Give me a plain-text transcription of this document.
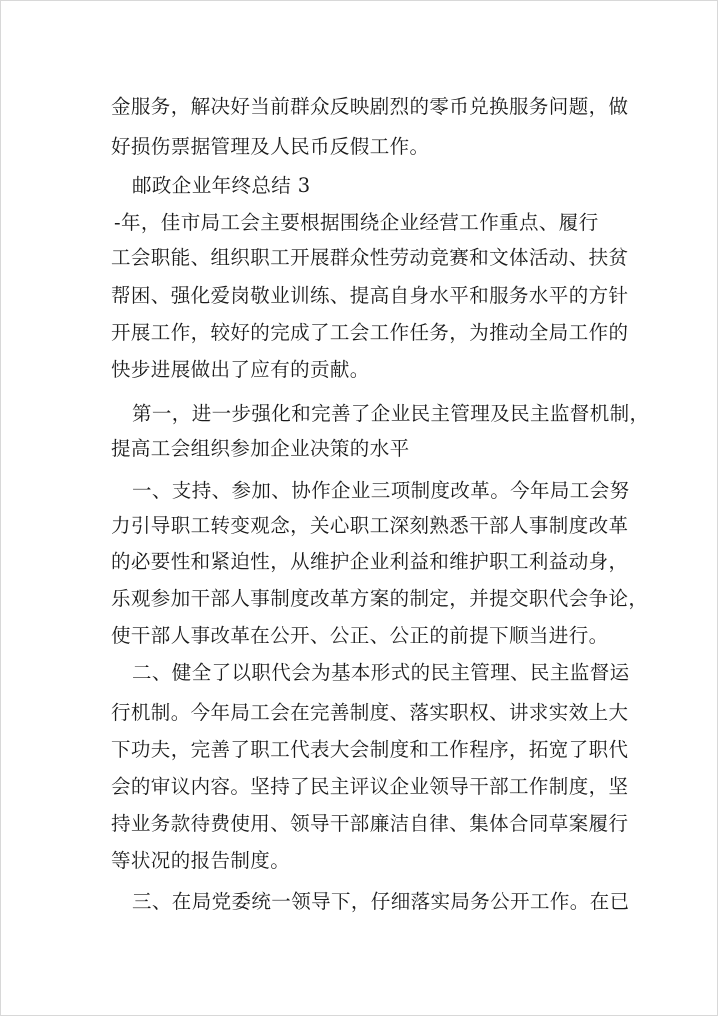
金服务，解决好当前群众反映剧烈的零币兑换服务问题，做
好损伤票据管理及人民币反假工作。
邮政企业年终总结 3
-年，佳市局工会主要根据围绕企业经营工作重点、履行
工会职能、组织职工开展群众性劳动竞赛和文体活动、扶贫
帮困、强化爱岗敬业训练、提高自身水平和服务水平的方针
开展工作，较好的完成了工会工作任务，为推动全局工作的
快步进展做出了应有的贡献。
第一，进一步强化和完善了企业民主管理及民主监督机制，
提高工会组织参加企业决策的水平
一、支持、参加、协作企业三项制度改革。今年局工会努
力引导职工转变观念，关心职工深刻熟悉干部人事制度改革
的必要性和紧迫性，从维护企业利益和维护职工利益动身，
乐观参加干部人事制度改革方案的制定，并提交职代会争论，
使干部人事改革在公开、公正、公正的前提下顺当进行。
二、健全了以职代会为基本形式的民主管理、民主监督运
行机制。今年局工会在完善制度、落实职权、讲求实效上大
下功夫，完善了职工代表大会制度和工作程序，拓宽了职代
会的审议内容。坚持了民主评议企业领导干部工作制度，坚
持业务款待费使用、领导干部廉洁自律、集体合同草案履行
等状况的报告制度。
三、在局党委统一领导下，仔细落实局务公开工作。在已
